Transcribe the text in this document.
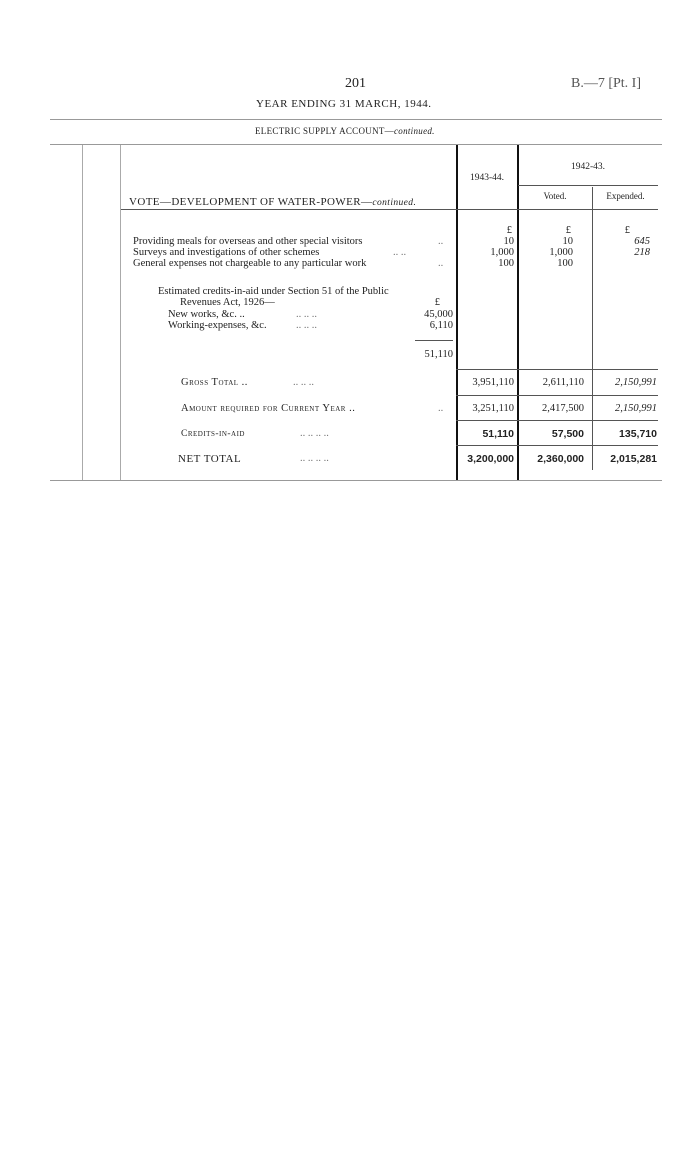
201	B.—7 [Pt. I]
YEAR ENDING 31 MARCH, 1944.
ELECTRIC SUPPLY ACCOUNT—continued.
1943-44.
1942-43.
Voted.	Expended.
VOTE—DEVELOPMENT OF WATER-POWER—continued.
£	£	£
Providing meals for overseas and other special visitors	..	10	10	645
Surveys and investigations of other schemes	.. ..	1,000	1,000	218
General expenses not chargeable to any particular work	..	100	100
Estimated credits-in-aid under Section 51 of the Public
Revenues Act, 1926—	£
New works, &c. ..	.. .. ..	45,000
Working-expenses, &c.	.. .. ..	6,110
51,110
Gross Total ..	.. .. ..	3,951,110	2,611,110	2,150,991
Amount required for Current Year ..	..	3,251,110	2,417,500	2,150,991
Credits-in-aid	.. .. .. ..	51,110	57,500	135,710
NET TOTAL	.. .. .. ..	3,200,000	2,360,000	2,015,281
